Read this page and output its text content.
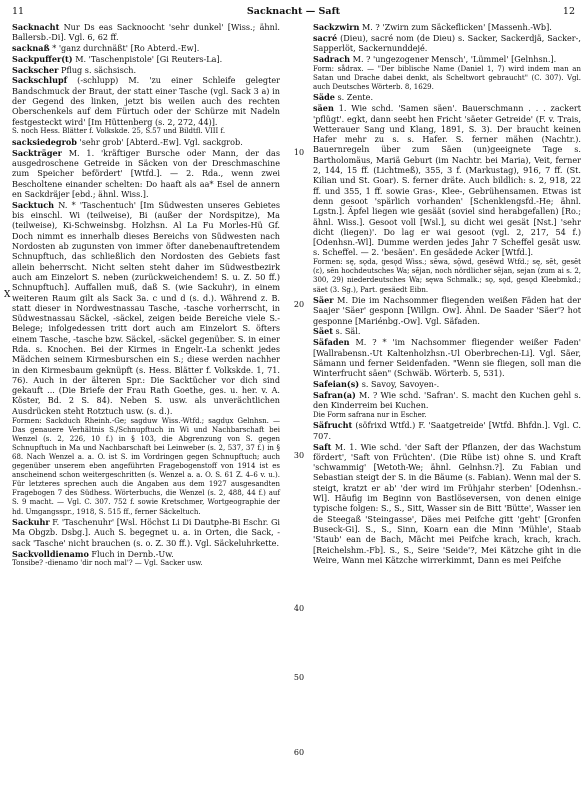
11	Sacknacht — Saft	12
X

Sacknacht Nur Ds eas Sacknoocht 'sehr dunkel' [Wiss.; ähnl. Ballersb.-Di]. Vgl. 6, 62 ff.

sacknaß * 'ganz durchnäßt' [Ro Abterd.-Ew].

Sackpuffer(t) M. 'Taschenpistole' [Gi Reuters-La].

Sackscher Pflug s. sächsisch.

Sackschlupf (-schlupp) M. 'zu einer Schleife gelegter Bandschmuck der Braut, der statt einer Tasche (vgl. Sack 3 a) in der Gegend des linken, jetzt bis weilen auch des rechten Oberschenkels auf dem Fürtuch oder der Schürze mit Nadeln festgesteckt wird' [Im Hüttenberg (s. 2, 272, 44)].

S. noch Hess. Blätter f. Volkskde. 25, S.57 und Bildtfl. VIII f.

sacksiedegrob 'sehr grob' [Abterd.-Ew]. Vgl. sackgrob.

Sackträger M. 1. 'kräftiger Bursche oder Mann, der das ausgedroschene Getreide in Säcken von der Dreschmaschine zum Speicher befördert' [Wtfd.]. — 2. Rda., wenn zwei Bescholtene einander schelten: Do haaft als aa* Esel de annern en Sackdräjer [ebd.; ähnl. Wiss.].

Sacktuch N. * 'Taschentuch' [Im Südwesten unseres Gebietes bis einschl. Wi (teilweise), Bi (außer der Nordspitze), Ma (teilweise), Ki-Schweinsbg. Holzhsn. Al La Fu Morles-Hü Gf. Doch nimmt es innerhalb dieses Bereichs von Südwesten nach Nordosten ab zugunsten von immer öfter danebenauftretendem Schnupftuch, das schließlich den Nordosten des Gebiets fast allein beherrscht. Nicht selten steht daher im Südwestbezirk auch am Einzelort S. neben (zurückweichendem! S. u. Z. 50 ff.) Schnupftuch]. Auffallen muß, daß S. (wie Sackuhr), in einem weiteren Raum gilt als Sack 3a. c und d (s. d.). Während z. B. statt dieser in Nordwestnassau Tasche, -tasche vorherrscht, in Südwestnassau Säckel, -säckel, zeigen beide Bereiche viele S.-Belege; infolgedessen tritt dort auch am Einzelort S. öfters einem Tasche, -tasche bzw. Säckel, -säckel gegenüber. S. in einer Rda. s. Knochen. Bei der Kirmes in Engelr.-La schenkt jedes Mädchen seinem Kirmesburschen ein S.; diese werden nachher in den Kirmesbaum geknüpft (s. Hess. Blätter f. Volkskde. 1, 71. 76). Auch in der älteren Spr.: Die Sacktücher vor dich sind gekauft ... (Die Briefe der Frau Rath Goethe, ges. u. her. v. A. Köster, Bd. 2 S. 84). Neben S. usw. als unverächtlichen Ausdrücken steht Rotztuch usw. (s. d.).

Formen: Sackduch Rheinh.-Ge; sagduw Wiss.-Wtfd.; sagdụx Gelnhsn. — Das genauere Verhältnis S./Schnupftuch in Wi und Nachbarschaft bei Wenzel (s. 2, 226, 10 f.) in § 103, die Abgrenzung von S. gegen Schnupftuch in Ma und Nachbarschaft bei Leinweber (s. 2, 537, 37 f.) in § 68. Nach Wenzel a. a. O. ist S. im Vordringen gegen Schnupftuch; auch gegenüber unserem eben angeführten Fragebogenstoff von 1914 ist es anscheinend schon weitergeschritten (s. Wenzel a. a. O. S. 61 Z. 4–6 v. u.). Für letzteres sprechen auch die Angaben aus dem 1927 ausgesandten Fragebogen 7 des Südhess. Wörterbuchs, die Wenzel (s. 2, 488, 44 f.) auf S. 9 macht. — Vgl. C. 307. 752 f. sowie Kretschmer, Wortgeographie der hd. Umgangsspr., 1918, S. 515 ff., ferner Säckeltuch.

Sackuhr F. 'Taschenuhr' [Wsl. Höchst Li Di Dautphe-Bi Eschr. Gi Ma Obgzb. Dsbg.]. Auch S. begegnet u. a. in Orten, die Sack, -sack 'Tasche' nicht brauchen (s. o. Z. 30 ff.). Vgl. Säckeluhrkette.

Sackvolldienamo Fluch in Dernb.-Uw.

Tonsibe? -dienamo 'dir noch mal'? — Vgl. Sacker usw.

Sackzwirn M. ? 'Zwirn zum Säckeflicken' [Massenh.-Wb].

sacré (Dieu), sacré nom (de Dieu) s. Sacker, Sackerdjä, Sacker-, Sapperlöt, Sackernunddejé.

Sadrach M. ? 'ungezogener Mensch', 'Lümmel' [Gelnhsn.].

Form: sådrax. — "Der biblische Name (Daniel 1, 7) wird indem man an Satan und Drache dabei denkt, als Scheltwort gebraucht" (C. 307). Vgl. auch Deutsches Wörterb. 8, 1629.

Säde s. Zente.

säen 1. Wie schd. 'Samen säen'. Bauerschmann . . . zackert 'pflügt'. egkt, dann seebt hen Fricht 'säeter Getreide' (F. v. Trais, Wetterauer Sang und Klang, 1891, S. 3). Der braucht keinen Hafer mehr zu s. s. Hafer. S. ferner mähen (Nachtr.). Bauernregeln über zum Säen (un)geeignete Tage s. Bartholomäus, Mariä Geburt (im Nachtr. bei Maria), Veit, ferner 2, 144, 15 ff. (Lichtmeß), 355, 3 f. (Markustag), 916, 7 ff. (St. Kilian und St. Goar). S. ferner dräte. Auch bildlich: s. 2, 918, 22 ff. und 355, 1 ff. sowie Gras-, Klee-, Gebrühensamen. Etwas ist denn gesoot 'spärlich vorhanden' [Schenklengsfd.-He; ähnl. Lgstn.]. Äpfel liegen wie gesäät (soviel sind herabgefallen) [Ro.; ähnl. Wiss.]. Gesoot voll [Wsl.], su dicht wei gesät [Nst.] 'sehr dicht (liegen)'. Do lag er wai gesoot (vgl. 2, 217, 54 f.) [Odenhsn.-Wl]. Dumme werden jedes Jahr 7 Scheffel gesät usw. s. Scheffel. — 2. 'besäen'. En gesädede Acker [Wtfd.].

Formen: sę, sǫda, gesǫd Wiss.; sēwa, sǭwd, gesēwd Wtfd.; sę, sēt, gesēt (ε), sēn hochdeutsches Wa; sējan, noch nördlicher sējan, sejan (zum ai s. 2, 300, 29) niederdeutsches Wa; sęwa Schmalk.; sǫ, sǫd, gesǫd Kleebmkd.; säet (3. Sg.), Part. gesäedt Eibn.

Säer M. Die im Nachsommer fliegenden weißen Fäden hat der Saajer 'Säer' gesponn [Willgn. Ow]. Ähnl. De Saader 'Säer'? hot gesponne [Mariénbg.-Ow]. Vgl. Säfaden.

Säet s. Säl.

Säfaden M. ? * 'im Nachsommer fliegender weißer Faden' [Wallrabensn.-Ut Kaltenholzhsn.-Ul Oberbrechen-Li]. Vgl. Säer, Sämann und ferner Seidenfaden. "Wenn sie fliegen, soll man die Winterfrucht säen" (Schwäb. Wörterb. 5, 531).

Safeian(s) s. Savoy, Savoyen-.

Safran(a) M. ? Wie schd. 'Safran'. S. macht den Kuchen gehl s. den Kinderreim bei Kuchen.

Die Form safrana nur in Escher.

Säfrucht (söfrixd Wtfd.) F. 'Saatgetreide' [Wtfd. Bhfdn.]. Vgl. C. 707.

Saft M. 1. Wie schd. 'der Saft der Pflanzen, der das Wachstum fördert', 'Saft von Früchten'. (Die Rübe ist) ohne S. und Kraft 'schwammig' [Wetoth-We; ähnl. Gelnhsn.?]. Zu Fabian und Sebastian steigt der S. in die Bäume (s. Fabian). Wenn mal der S. steigt, kratzt er ab' 'der wird im Frühjahr sterben' [Odenhsn.-Wl]. Häufig im Beginn von Bastlöseversen, von denen einige typische folgen: S., S., Sitt, Wasser sin de Bitt 'Bütte', Wasser ien de Steegaß 'Steingasse', Däes mei Peifche gitt 'geht' [Gronfen Buseck-Gi]. S., S., Sinn, Koarn ean die Minn 'Mühle', Staab 'Staub' ean de Bach, Mächt mei Peifche krach, krach, krach. [Reichelshm.-Fb]. S., S., Seire 'Seide'?, Mei Kätzche giht in die Weire, Wann mei Kätzche wirrerkimmt, Dann es mei Peifche

10
20
30
40
50
60
